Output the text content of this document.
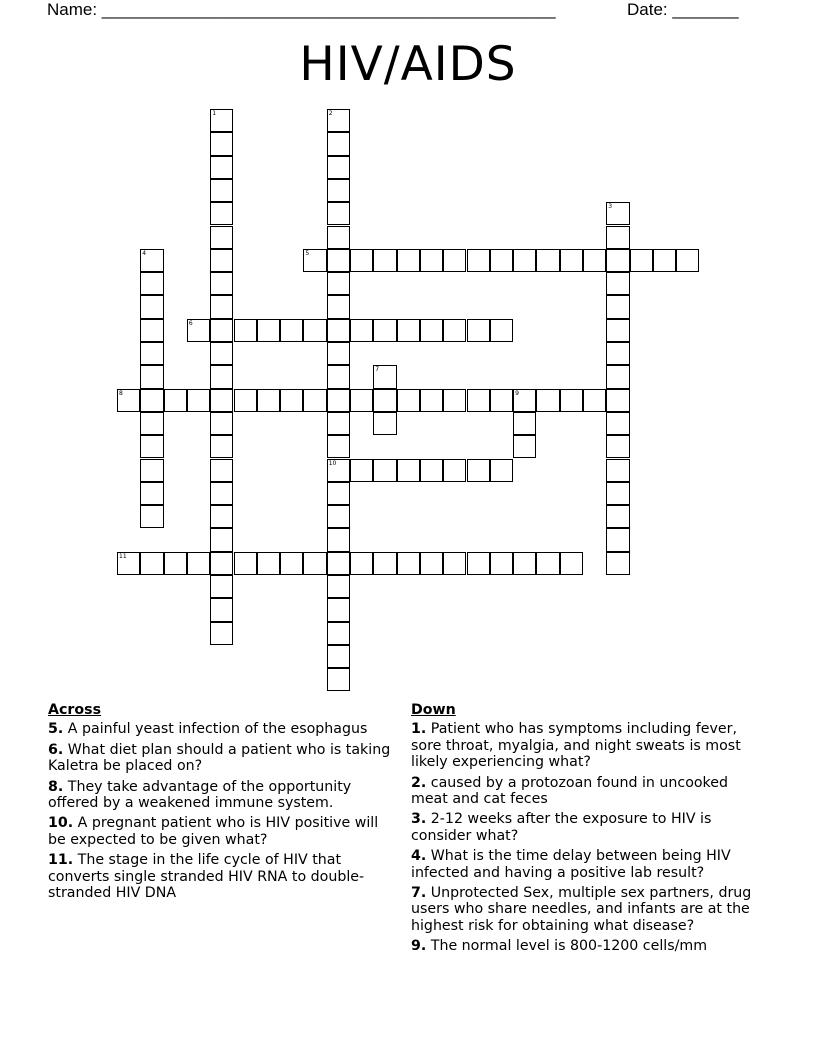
Name: ________________________________________________	Date: _______
HIV/AIDS
1	2
10
3
4	5
6
7
8	9
11
Across
5. A painful yeast infection of the esophagus
6. What diet plan should a patient who is taking Kaletra be placed on?
8. They take advantage of the opportunity offered by a weakened immune system.
10. A pregnant patient who is HIV positive will be expected to be given what?
11. The stage in the life cycle of HIV that converts single stranded HIV RNA to double-stranded HIV DNA
Down
1. Patient who has symptoms including fever, sore throat, myalgia, and night sweats is most likely experiencing what?
2. caused by a protozoan found in uncooked meat and cat feces
3. 2-12 weeks after the exposure to HIV is consider what?
4. What is the time delay between being HIV infected and having a positive lab result?
7. Unprotected Sex, multiple sex partners, drug users who share needles, and infants are at the highest risk for obtaining what disease?
9. The normal level is 800-1200 cells/mm
